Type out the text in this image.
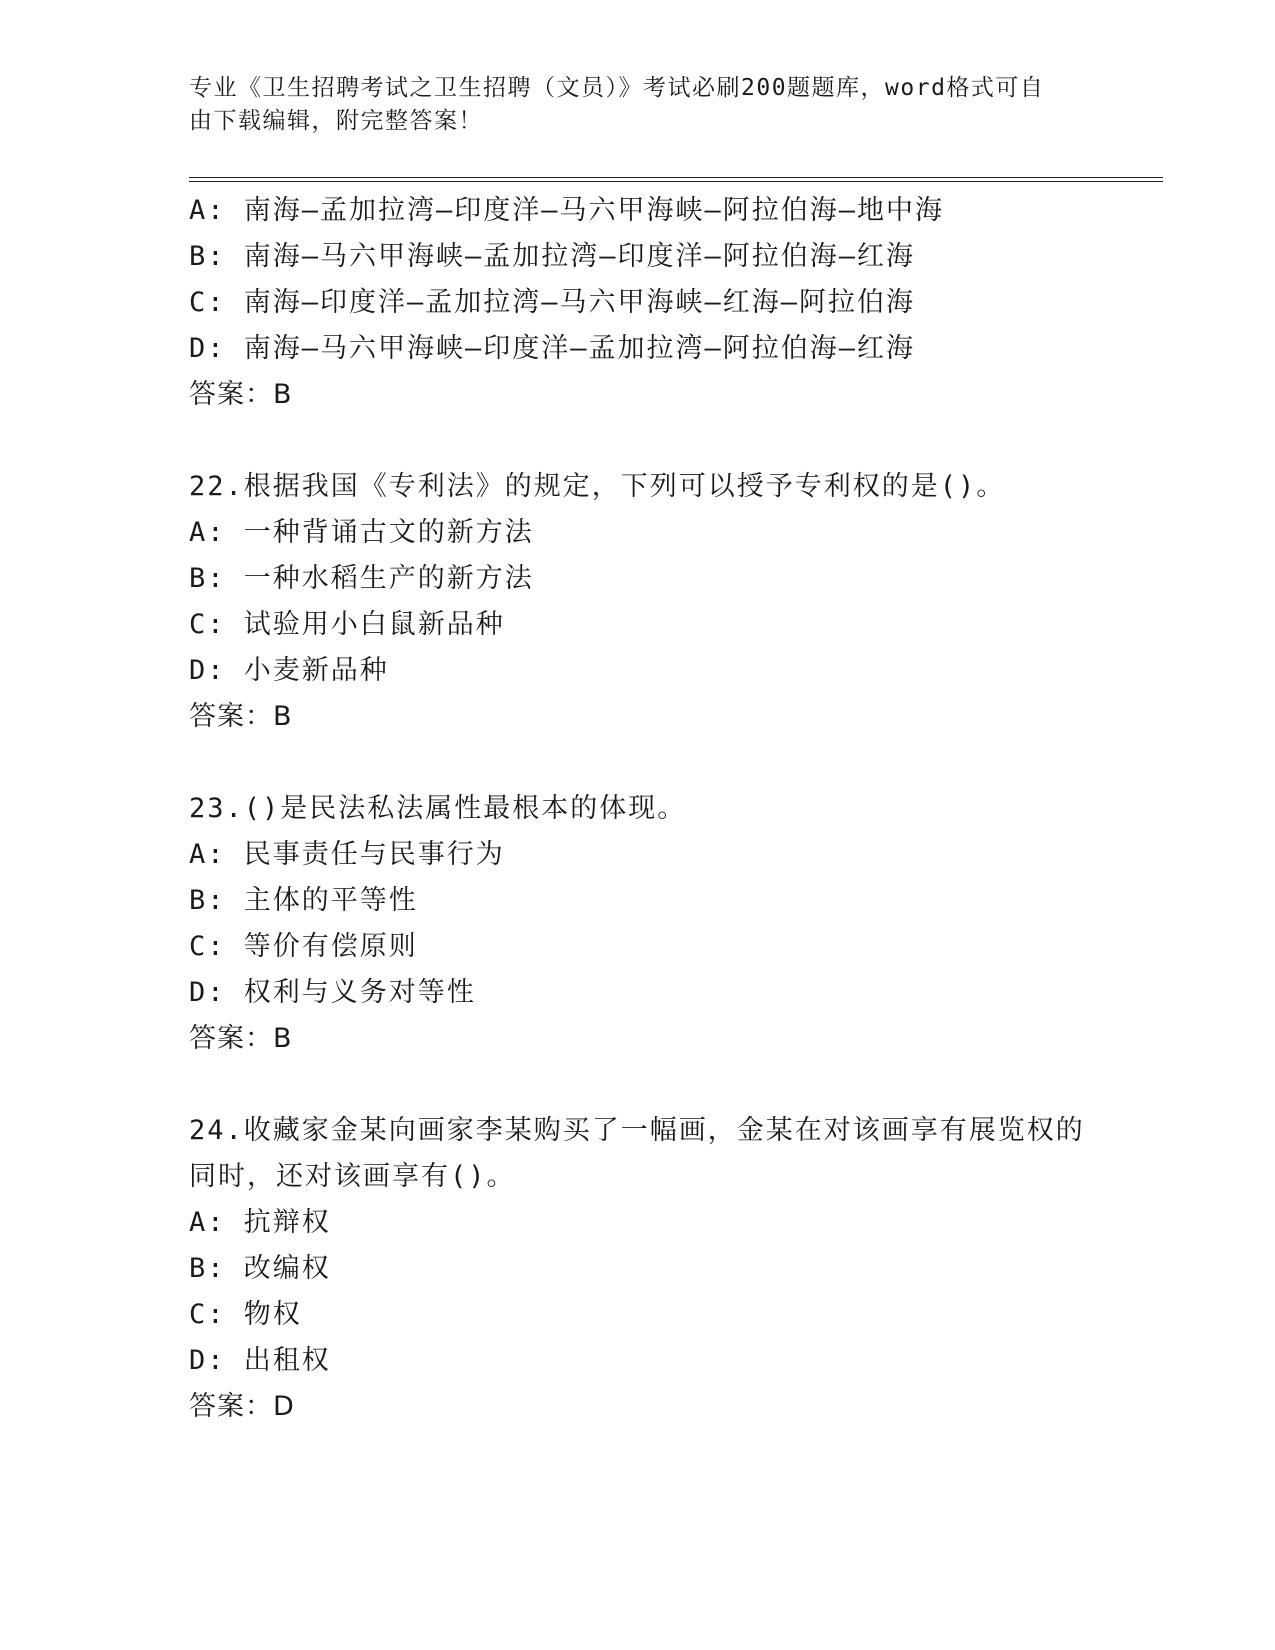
专业《卫生招聘考试之卫生招聘（文员）》考试必刷200题题库，word格式可自
由下载编辑，附完整答案！
A: 南海—孟加拉湾—印度洋—马六甲海峡—阿拉伯海—地中海
B: 南海—马六甲海峡—孟加拉湾—印度洋—阿拉伯海—红海
C: 南海—印度洋—孟加拉湾—马六甲海峡—红海—阿拉伯海
D: 南海—马六甲海峡—印度洋—孟加拉湾—阿拉伯海—红海
答案：B
22.根据我国《专利法》的规定，下列可以授予专利权的是()。
A: 一种背诵古文的新方法
B: 一种水稻生产的新方法
C: 试验用小白鼠新品种
D: 小麦新品种
答案：B
23.()是民法私法属性最根本的体现。
A: 民事责任与民事行为
B: 主体的平等性
C: 等价有偿原则
D: 权利与义务对等性
答案：B
24.收藏家金某向画家李某购买了一幅画，金某在对该画享有展览权的
同时，还对该画享有()。
A: 抗辩权
B: 改编权
C: 物权
D: 出租权
答案：D
